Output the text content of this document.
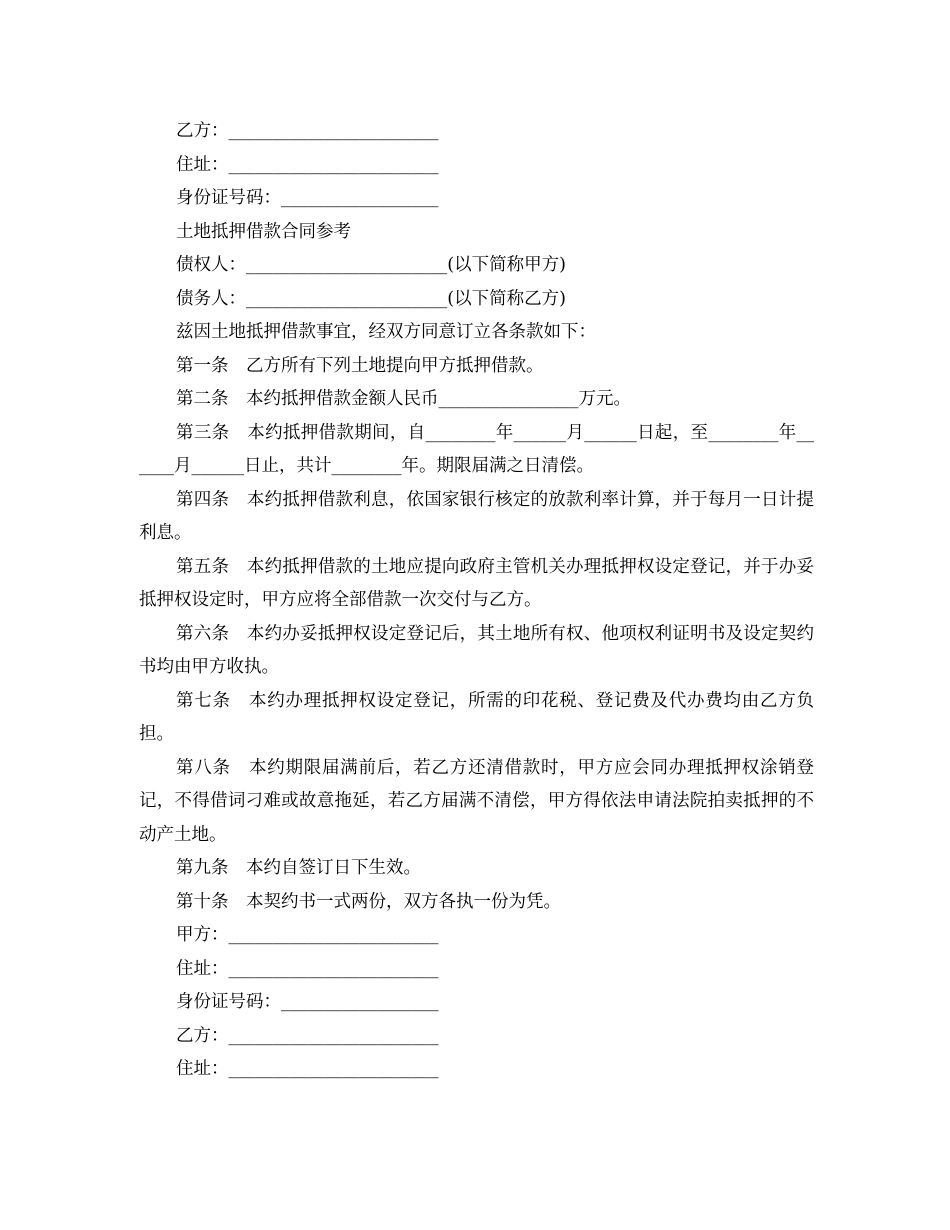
乙方：________________________
住址：________________________
身份证号码：__________________
土地抵押借款合同参考
债权人：_______________________(以下简称甲方)
债务人：_______________________(以下简称乙方)
兹因土地抵押借款事宜，经双方同意订立各条款如下：
第一条　乙方所有下列土地提向甲方抵押借款。
第二条　本约抵押借款金额人民币________________万元。

第三条　本约抵押借款期间，自________年______月______日起，至________年______月______日止，共计________年。期限届满之日清偿。

第四条　本约抵押借款利息，依国家银行核定的放款利率计算，并于每月一日计提利息。

第五条　本约抵押借款的土地应提向政府主管机关办理抵押权设定登记，并于办妥抵押权设定时，甲方应将全部借款一次交付与乙方。

第六条　本约办妥抵押权设定登记后，其土地所有权、他项权利证明书及设定契约书均由甲方收执。

第七条　本约办理抵押权设定登记，所需的印花税、登记费及代办费均由乙方负担。

第八条　本约期限届满前后，若乙方还清借款时，甲方应会同办理抵押权涂销登记，不得借词刁难或故意拖延，若乙方届满不清偿，甲方得依法申请法院拍卖抵押的不动产土地。

第九条　本约自签订日下生效。

第十条　本契约书一式两份，双方各执一份为凭。

甲方：________________________
住址：________________________
身份证号码：__________________
乙方：________________________
住址：________________________
